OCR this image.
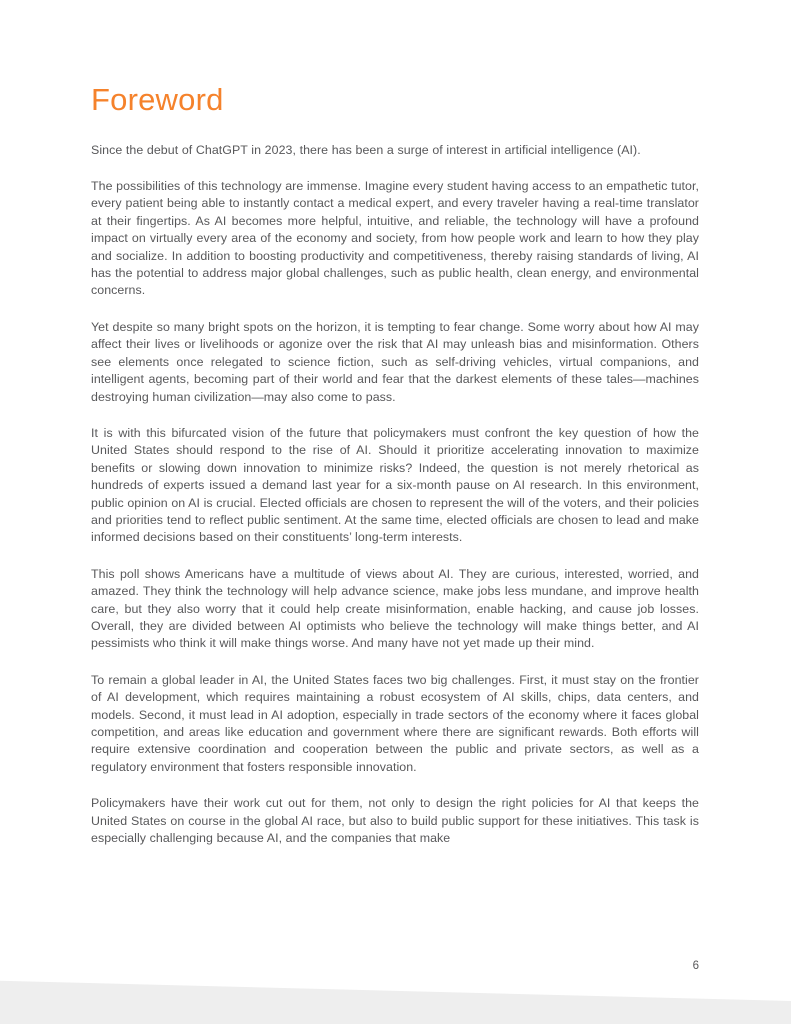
Foreword

Since the debut of ChatGPT in 2023, there has been a surge of interest in artificial intelligence (AI).

The possibilities of this technology are immense. Imagine every student having access to an empathetic tutor, every patient being able to instantly contact a medical expert, and every traveler having a real-time translator at their fingertips. As AI becomes more helpful, intuitive, and reliable, the technology will have a profound impact on virtually every area of the economy and society, from how people work and learn to how they play and socialize. In addition to boosting productivity and competitiveness, thereby raising standards of living, AI has the potential to address major global challenges, such as public health, clean energy, and environmental concerns.

Yet despite so many bright spots on the horizon, it is tempting to fear change. Some worry about how AI may affect their lives or livelihoods or agonize over the risk that AI may unleash bias and misinformation. Others see elements once relegated to science fiction, such as self-driving vehicles, virtual companions, and intelligent agents, becoming part of their world and fear that the darkest elements of these tales—machines destroying human civilization—may also come to pass.

It is with this bifurcated vision of the future that policymakers must confront the key question of how the United States should respond to the rise of AI. Should it prioritize accelerating innovation to maximize benefits or slowing down innovation to minimize risks? Indeed, the question is not merely rhetorical as hundreds of experts issued a demand last year for a six-month pause on AI research. In this environment, public opinion on AI is crucial. Elected officials are chosen to represent the will of the voters, and their policies and priorities tend to reflect public sentiment. At the same time, elected officials are chosen to lead and make informed decisions based on their constituents’ long-term interests.

This poll shows Americans have a multitude of views about AI. They are curious, interested, worried, and amazed. They think the technology will help advance science, make jobs less mundane, and improve health care, but they also worry that it could help create misinformation, enable hacking, and cause job losses. Overall, they are divided between AI optimists who believe the technology will make things better, and AI pessimists who think it will make things worse. And many have not yet made up their mind.

To remain a global leader in AI, the United States faces two big challenges. First, it must stay on the frontier of AI development, which requires maintaining a robust ecosystem of AI skills, chips, data centers, and models. Second, it must lead in AI adoption, especially in trade sectors of the economy where it faces global competition, and areas like education and government where there are significant rewards. Both efforts will require extensive coordination and cooperation between the public and private sectors, as well as a regulatory environment that fosters responsible innovation.

Policymakers have their work cut out for them, not only to design the right policies for AI that keeps the United States on course in the global AI race, but also to build public support for these initiatives. This task is especially challenging because AI, and the companies that make

6
